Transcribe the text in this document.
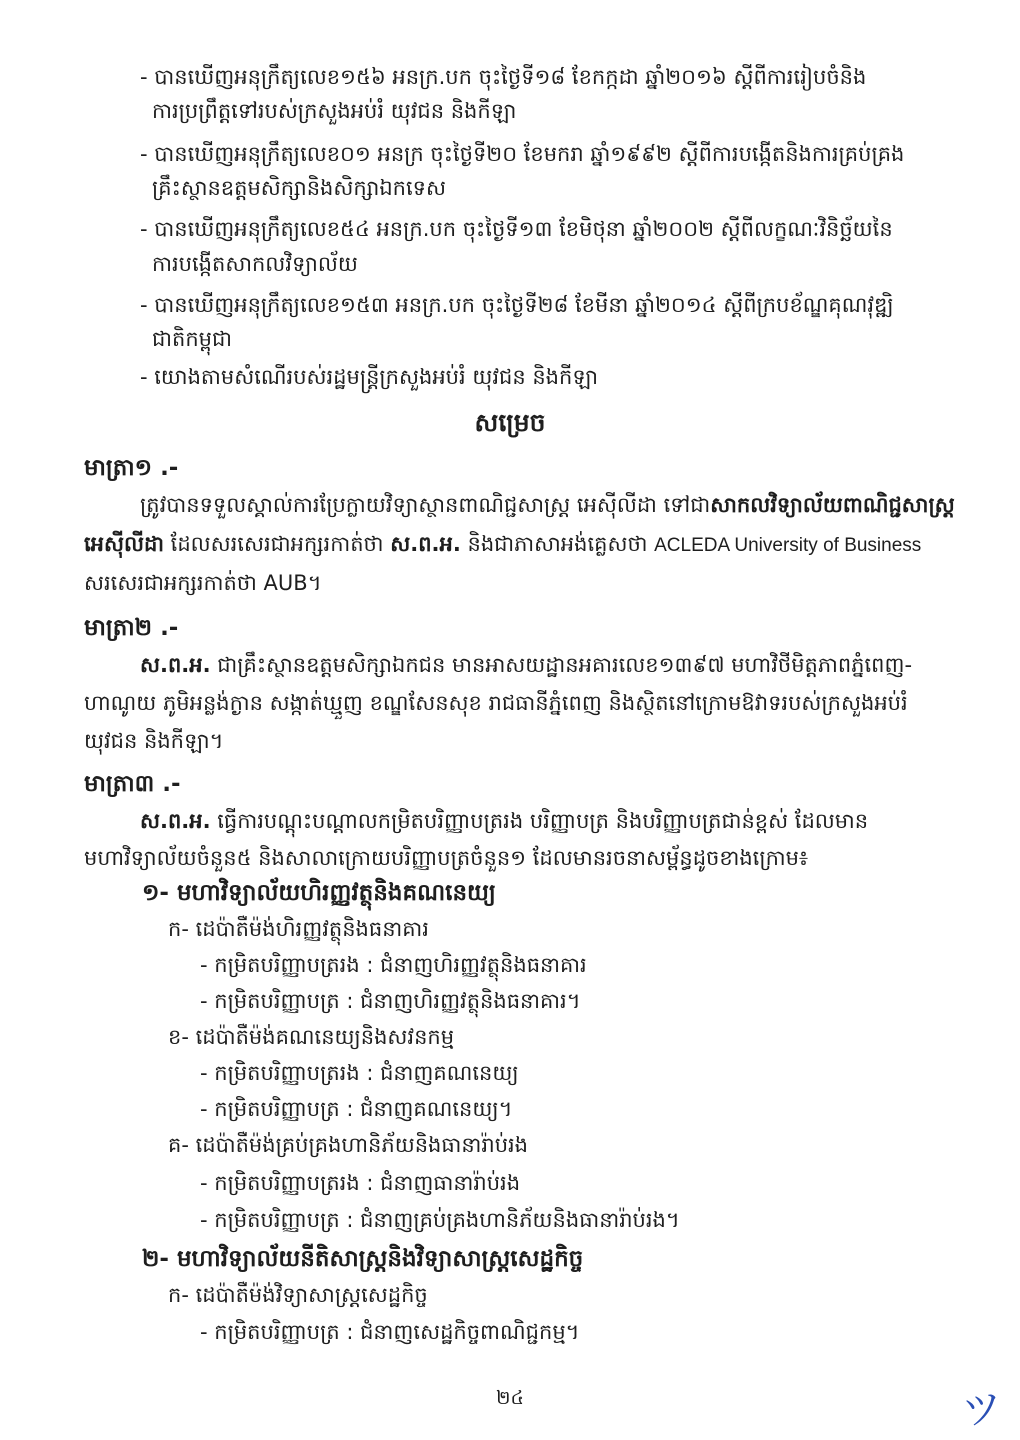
- បានឃើញអនុក្រឹត្យលេខ១៥៦ អនក្រ.បក ចុះថ្ងៃទី១៨ ខែកក្កដា ឆ្នាំ២០១៦ ស្តីពីការរៀបចំនិង
ការប្រព្រឹត្តទៅរបស់ក្រសួងអប់រំ យុវជន និងកីឡា
- បានឃើញអនុក្រឹត្យលេខ០១ អនក្រ ចុះថ្ងៃទី២០ ខែមករា ឆ្នាំ១៩៩២ ស្តីពីការបង្កើតនិងការគ្រប់គ្រង
គ្រឹះស្ថានឧត្តមសិក្សានិងសិក្សាឯកទេស
- បានឃើញអនុក្រឹត្យលេខ៥៤ អនក្រ.បក ចុះថ្ងៃទី១៣ ខែមិថុនា ឆ្នាំ២០០២ ស្តីពីលក្ខណៈវិនិច្ឆ័យនៃ
ការបង្កើតសាកលវិទ្យាល័យ
- បានឃើញអនុក្រឹត្យលេខ១៥៣ អនក្រ.បក ចុះថ្ងៃទី២៨ ខែមីនា ឆ្នាំ២០១៤ ស្តីពីក្របខ័ណ្ឌគុណវុឌ្ឍិ
ជាតិកម្ពុជា
- យោងតាមសំណើរបស់រដ្ឋមន្ត្រីក្រសួងអប់រំ យុវជន និងកីឡា
សម្រេច
មាត្រា១ .-
ត្រូវបានទទួលស្គាល់ការប្រែក្លាយវិទ្យាស្ថានពាណិជ្ជសាស្ត្រ អេស៊ីលីដា ទៅជាសាកលវិទ្យាល័យពាណិជ្ជសាស្ត្រ
អេស៊ីលីដា ដែលសរសេរជាអក្សរកាត់ថា ស.ព.អ. និងជាភាសាអង់គ្លេសថា ACLEDA University of Business
សរសេរជាអក្សរកាត់ថា AUB។
មាត្រា២ .-
ស.ព.អ. ជាគ្រឹះស្ថានឧត្តមសិក្សាឯកជន មានអាសយដ្ឋានអគារលេខ១៣៩៧ មហាវិថីមិត្តភាពភ្នំពេញ-
ហាណូយ ភូមិអន្លង់ក្ងាន សង្កាត់ឃ្មួញ ខណ្ឌសែនសុខ រាជធានីភ្នំពេញ និងស្ថិតនៅក្រោមឱវាទរបស់ក្រសួងអប់រំ
យុវជន និងកីឡា។
មាត្រា៣ .-
ស.ព.អ. ធ្វើការបណ្តុះបណ្តាលកម្រិតបរិញ្ញាបត្ររង បរិញ្ញាបត្រ និងបរិញ្ញាបត្រជាន់ខ្ពស់ ដែលមាន
មហាវិទ្យាល័យចំនួន៥ និងសាលាក្រោយបរិញ្ញាបត្រចំនួន១ ដែលមានរចនាសម្ព័ន្ធដូចខាងក្រោម៖
១- មហាវិទ្យាល័យហិរញ្ញវត្ថុនិងគណនេយ្យ
ក- ដេប៉ាតឺម៉ង់ហិរញ្ញវត្ថុនិងធនាគារ
- កម្រិតបរិញ្ញាបត្ររង : ជំនាញហិរញ្ញវត្ថុនិងធនាគារ
- កម្រិតបរិញ្ញាបត្រ : ជំនាញហិរញ្ញវត្ថុនិងធនាគារ។
ខ- ដេប៉ាតឺម៉ង់គណនេយ្យនិងសវនកម្ម
- កម្រិតបរិញ្ញាបត្ររង : ជំនាញគណនេយ្យ
- កម្រិតបរិញ្ញាបត្រ : ជំនាញគណនេយ្យ។
គ- ដេប៉ាតឺម៉ង់គ្រប់គ្រងហានិភ័យនិងធានារ៉ាប់រង
- កម្រិតបរិញ្ញាបត្ររង : ជំនាញធានារ៉ាប់រង
- កម្រិតបរិញ្ញាបត្រ : ជំនាញគ្រប់គ្រងហានិភ័យនិងធានារ៉ាប់រង។
២- មហាវិទ្យាល័យនីតិសាស្ត្រនិងវិទ្យាសាស្ត្រសេដ្ឋកិច្ច
ក- ដេប៉ាតឺម៉ង់វិទ្យាសាស្ត្រសេដ្ឋកិច្ច
- កម្រិតបរិញ្ញាបត្រ : ជំនាញសេដ្ឋកិច្ចពាណិជ្ជកម្ម។
២៤	ツ
